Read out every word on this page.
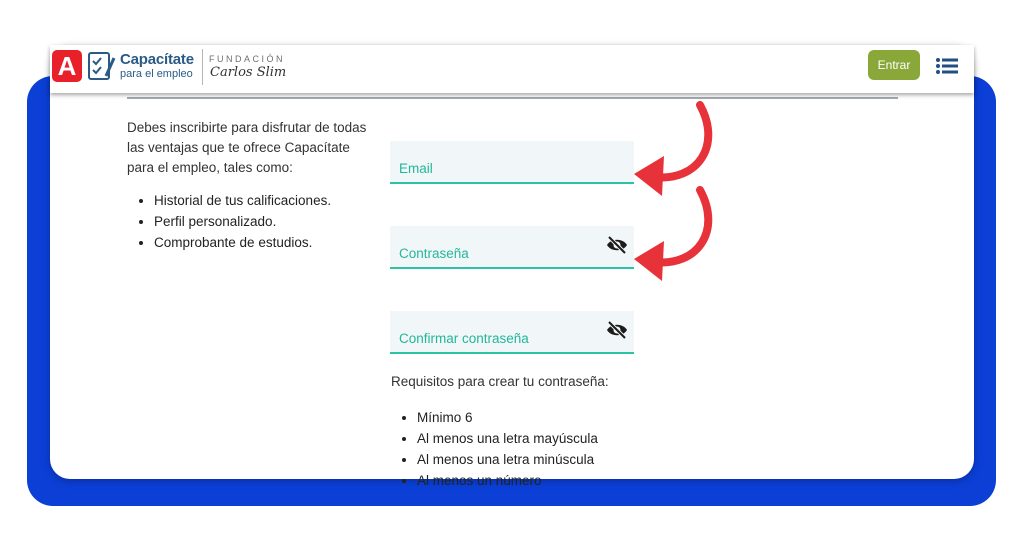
A	Capacítate
para el empleo
FUNDACIÓN
Carlos Slim	Entrar
Debes inscribirte para disfrutar de todas las ventajas que te ofrece Capacítate para el empleo, tales como:
• Historial de tus calificaciones.
• Perfil personalizado.
• Comprobante de estudios.
Email
Requisitos para crear tu contraseña:
• Mínimo 6
• Al menos una letra mayúscula
• Al menos una letra minúscula
• Al menos un número
